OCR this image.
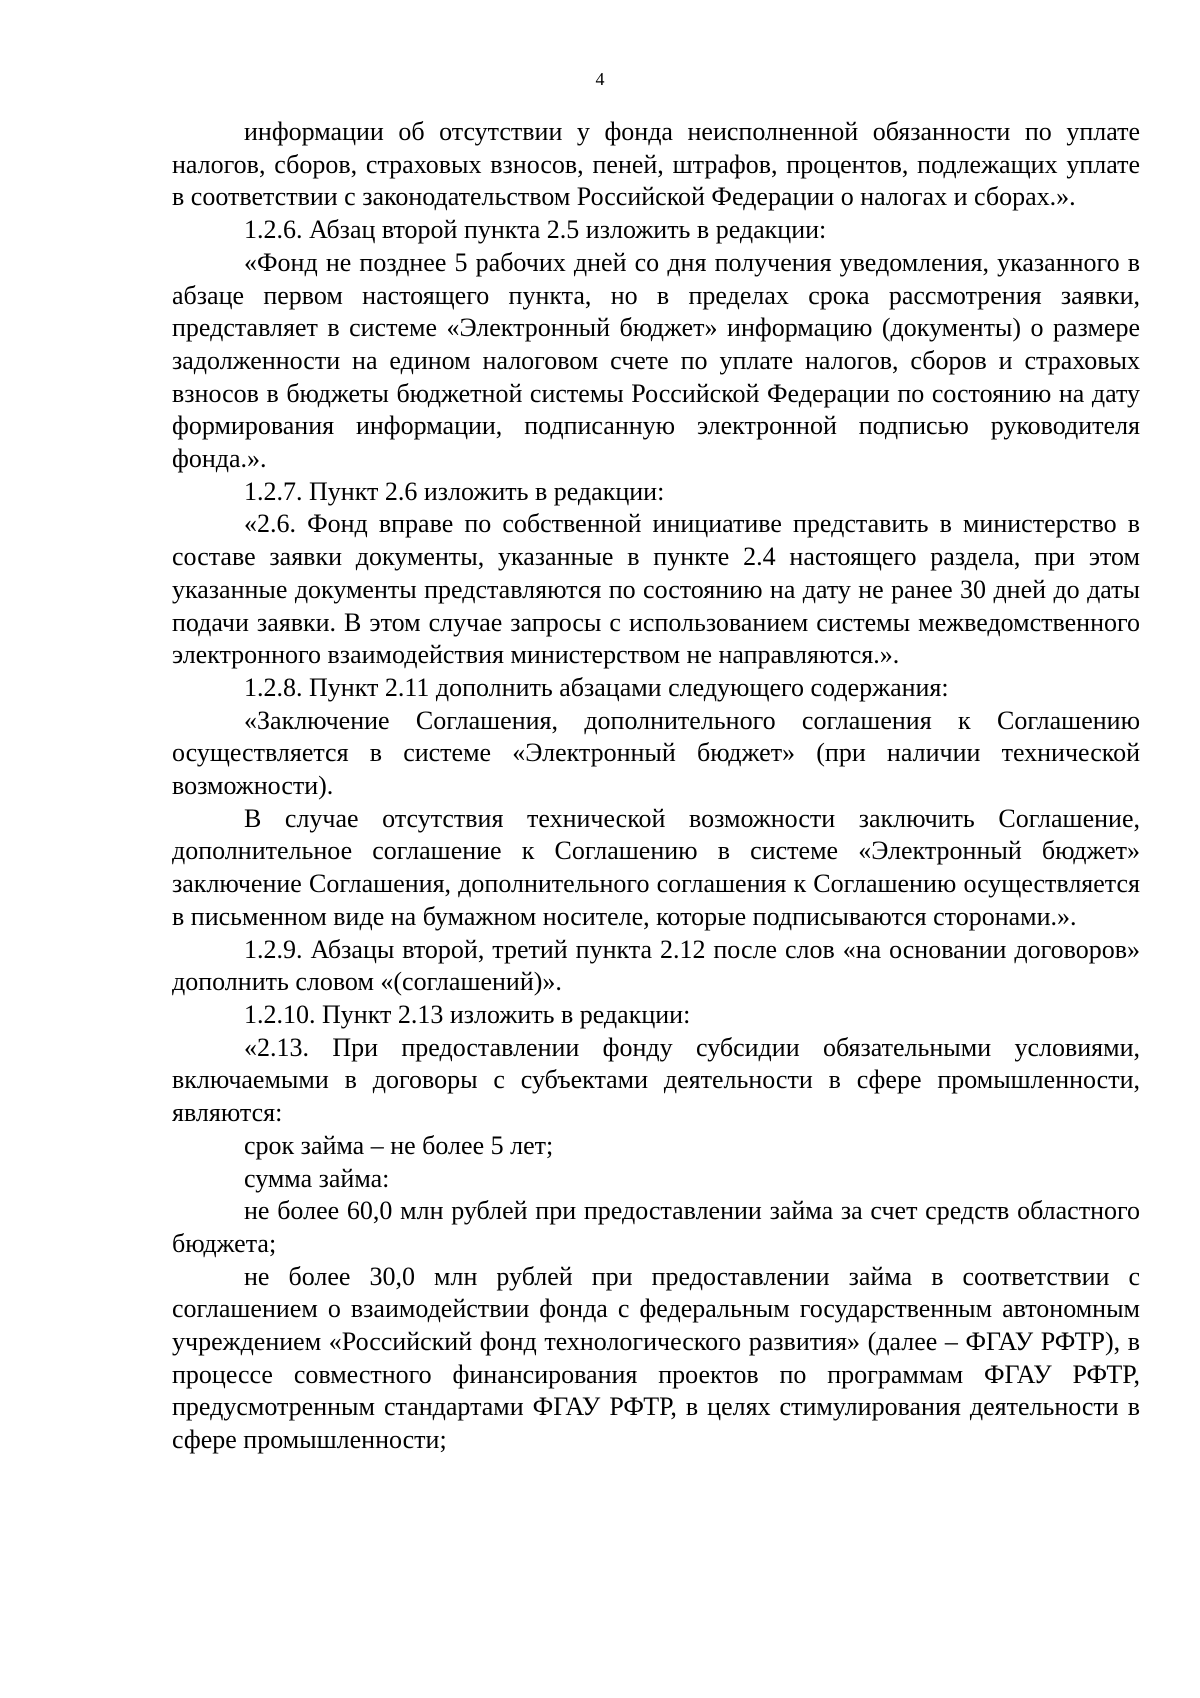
4

информации об отсутствии у фонда неисполненной обязанности по уплате налогов, сборов, страховых взносов, пеней, штрафов, процентов, подлежащих уплате в соответствии с законодательством Российской Федерации о налогах и сборах.».

1.2.6. Абзац второй пункта 2.5 изложить в редакции:

«Фонд не позднее 5 рабочих дней со дня получения уведомления, указанного в абзаце первом настоящего пункта, но в пределах срока рассмотрения заявки, представляет в системе «Электронный бюджет» информацию (документы) о размере задолженности на едином налоговом счете по уплате налогов, сборов и страховых взносов в бюджеты бюджетной системы Российской Федерации по состоянию на дату формирования информации, подписанную электронной подписью руководителя фонда.».

1.2.7. Пункт 2.6 изложить в редакции:

«2.6. Фонд вправе по собственной инициативе представить в министерство в составе заявки документы, указанные в пункте 2.4 настоящего раздела, при этом указанные документы представляются по состоянию на дату не ранее 30 дней до даты подачи заявки. В этом случае запросы с использованием системы межведомственного электронного взаимодействия министерством не направляются.».

1.2.8. Пункт 2.11 дополнить абзацами следующего содержания:

«Заключение Соглашения, дополнительного соглашения к Соглашению осуществляется в системе «Электронный бюджет» (при наличии технической возможности).

В случае отсутствия технической возможности заключить Соглашение, дополнительное соглашение к Соглашению в системе «Электронный бюджет» заключение Соглашения, дополнительного соглашения к Соглашению осуществляется в письменном виде на бумажном носителе, которые подписываются сторонами.».

1.2.9. Абзацы второй, третий пункта 2.12 после слов «на основании договоров» дополнить словом «(соглашений)».

1.2.10. Пункт 2.13 изложить в редакции:

«2.13. При предоставлении фонду субсидии обязательными условиями, включаемыми в договоры с субъектами деятельности в сфере промышленности, являются:

срок займа – не более 5 лет;

сумма займа:

не более 60,0 млн рублей при предоставлении займа за счет средств областного бюджета;

не более 30,0 млн рублей при предоставлении займа в соответствии с соглашением о взаимодействии фонда с федеральным государственным автономным учреждением «Российский фонд технологического развития» (далее – ФГАУ РФТР), в процессе совместного финансирования проектов по программам ФГАУ РФТР, предусмотренным стандартами ФГАУ РФТР, в целях стимулирования деятельности в сфере промышленности;
